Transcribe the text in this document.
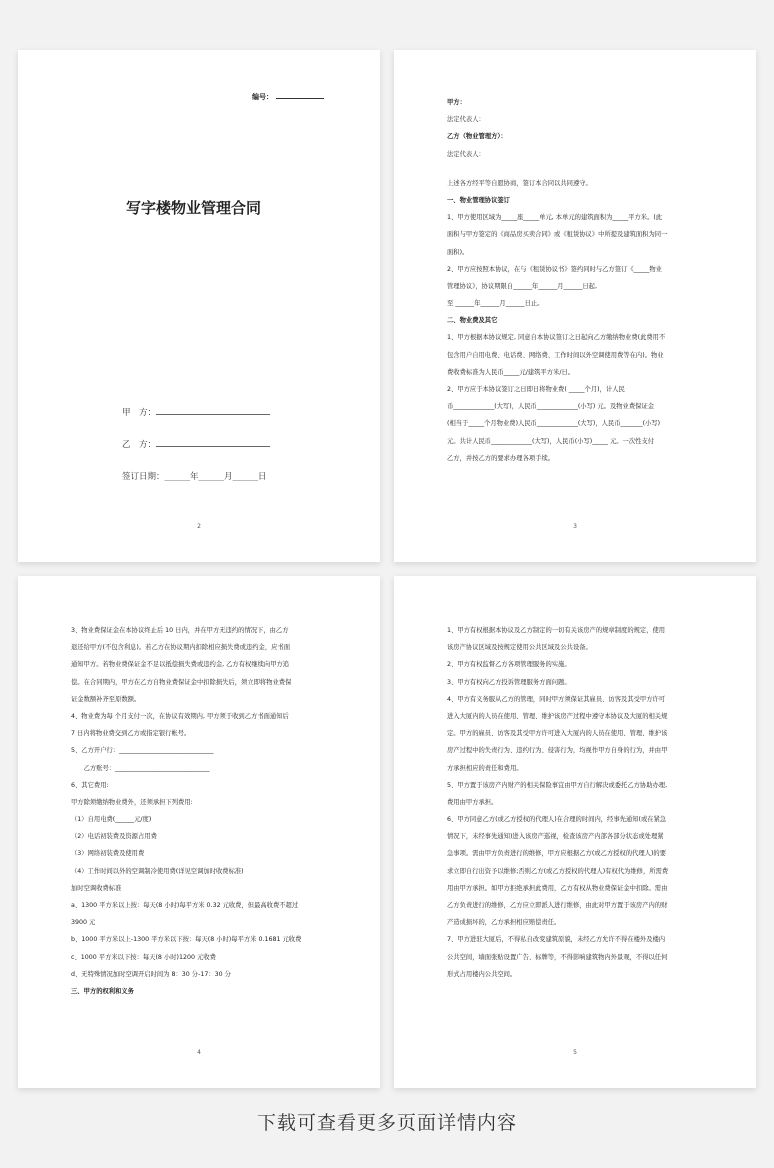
编号：
写字楼物业管理合同
甲　方：
乙　方：
签订日期：______年______月______日
2
甲方：
法定代表人：
乙方（物业管理方）：
法定代表人：
上述各方经平等自愿协商，签订本合同以共同遵守。
一、物业管理协议签订
1、甲方使用区域为_____座_____单元, 本单元的建筑面积为_____平方米。(此
面积与甲方签定的《商品房买卖合同》或《租赁协议》中所提及建筑面积为同一
面积)。
2、甲方应按照本协议，在与《租赁协议书》签约同时与乙方签订《_____物业
管理协议》，协议期限自______年______月______日起,
至 ______年______月______日止。
二、物业费及其它
1、甲方根据本协议规定, 同意自本协议签订之日起向乙方缴纳物业费(此费用不
包含用户自用电费、电话费、网络费、工作时间以外空调使用费等在内)。物业
费收费标准为人民币_____元/建筑平方米/日。
2、甲方应于本协议签订之日即日将物业费( _____个月)，计人民
币_____________(大写)，人民币_____________(小写) 元。及物业费保证金
(相当于_____个月物业费)人民币_____________(大写)，人民币_______(小写)
元。共计人民币_____________(大写)，人民币(小写)_____ 元。一次性支付
乙方，并按乙方的要求办理各项手续。
3
3、物业费保证金在本协议终止后 10 日内，并在甲方无违约的情况下，由乙方
退还给甲方(不包含利息)。若乙方在协议期内扣除相应损失费或违约金，应书面
通知甲方。若物业费保证金不足以抵偿损失费或违约金, 乙方有权继续向甲方追
偿。在合同期内，甲方在乙方自物业费保证金中扣除损失后，须立即将物业费保
证金数额补齐至原数额。
4、物业费为每 个月支付一次，在协议有效期内, 甲方须于收到乙方书面通知后
7 日内将物业费交到乙方或指定银行帐号。
5、乙方开户行：______________________________
　　乙方账号：______________________________
6、其它费用:
甲方除须缴纳物业费外，还须承担下列费用:
（1）自用电费(______元/度)
（2）电话初装费及资源占用费
（3）网络初装费及使用费
（4）工作时间以外的空调制冷使用费(详见空调加时收费标准)
加时空调收费标准
a、1300 平方米以上按：每天(8 小时)每平方米 0.32 元收费，但最高收费不超过
3900 元
b、1000 平方米以上-1300 平方米以下按：每天(8 小时)每平方米 0.1681 元收费
c、1000 平方米以下按：每天(8 小时)1200 元收费
d、无特殊情况加时空调开启时间为 8：30 分-17：30 分
三、甲方的权利和义务
4
1、甲方有权根据本协议及乙方制定的一切有关该房产的规章制度的规定，使用
该房产协议区域及按规定使用公共区域及公共设备。
2、甲方有权监督乙方各项管理服务的实施。
3、甲方有权向乙方投诉管理服务方面问题。
4、甲方有义务服从乙方的管理，同时甲方须保证其雇员、访客及其受甲方许可
进入大厦内的人员在使用、管理、维护该房产过程中遵守本协议及大厦的相关规
定。甲方的雇员、访客及其受甲方许可进入大厦内的人员在使用、管理、维护该
房产过程中的失责行为、违约行为、侵害行为，均视作甲方自身的行为，并由甲
方承担相应的责任和费用。
5、甲方置于该房产内财产的相关保险事宜由甲方自行解决或委托乙方协助办理,
费用由甲方承担。
6、甲方同意乙方(或乙方授权的代理人)在合理的时间内，经事先通知(或在紧急
情况下，未经事先通知)进入该房产巡视，检查该房产内部各部分状态或处理紧
急事项。需由甲方负责进行的维修，甲方应根据乙方(或乙方授权的代理人)的要
求立即自行出资予以维修;否则乙方(或乙方授权的代理人)有权代为维修，所需费
用由甲方承担。如甲方拒绝承担此费用，乙方有权从物业费保证金中扣除。需由
乙方负责进行的维修，乙方应立即派人进行维修，由此对甲方置于该房产内的财
产造成损坏的，乙方承担相应赔偿责任。
7、甲方进驻大厦后，不得私自改变建筑原貌，未经乙方允许不得在楼外及楼内
公共空间，墙面张贴设置广告、标牌等，不得影响建筑物内外景观，不得以任何
形式占用楼内公共空间。
5
下载可查看更多页面详情内容
